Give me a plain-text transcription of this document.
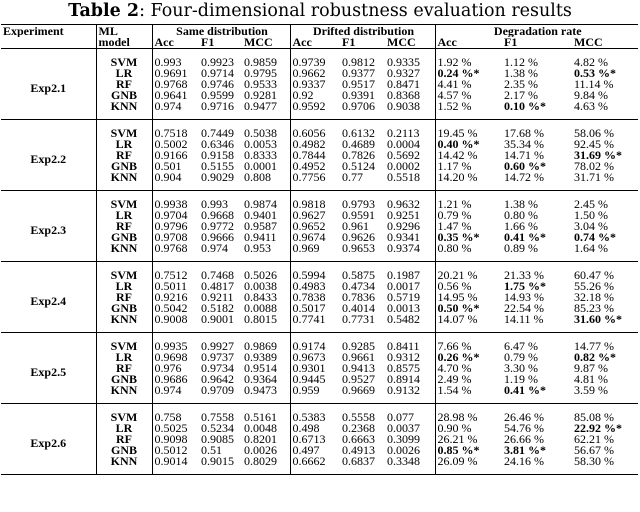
Table 2: Four-dimensional robustness evaluation results
Experiment	ML	Same distribution			Drifted distribution			Degradation rate		
	model	Acc	F1	MCC	Acc	F1	MCC	Acc	F1	MCC
Exp2.1	SVM	0.993	0.9923	0.9859	0.9739	0.9812	0.9335	1.92 %	1.12 %	4.82 %
	LR	0.9691	0.9714	0.9795	0.9662	0.9377	0.9327	0.24 %*	1.38 %	0.53 %*
	RF	0.9768	0.9746	0.9533	0.9337	0.9517	0.8471	4.41 %	2.35 %	11.14 %
	GNB	0.9641	0.9599	0.9281	0.92	0.9391	0.8368	4.57 %	2.17 %	9.84 %
	KNN	0.974	0.9716	0.9477	0.9592	0.9706	0.9038	1.52 %	0.10 %*	4.63 %
Exp2.2	SVM	0.7518	0.7449	0.5038	0.6056	0.6132	0.2113	19.45 %	17.68 %	58.06 %
	LR	0.5002	0.6346	0.0053	0.4982	0.4689	0.0004	0.40 %*	35.34 %	92.45 %
	RF	0.9166	0.9158	0.8333	0.7844	0.7826	0.5692	14.42 %	14.71 %	31.69 %*
	GNB	0.501	0.5155	0.0001	0.4952	0.5124	0.0002	1.17 %	0.60 %*	78.02 %
	KNN	0.904	0.9029	0.808	0.7756	0.77	0.5518	14.20 %	14.72 %	31.71 %
Exp2.3	SVM	0.9938	0.993	0.9874	0.9818	0.9793	0.9632	1.21 %	1.38 %	2.45 %
	LR	0.9704	0.9668	0.9401	0.9627	0.9591	0.9251	0.79 %	0.80 %	1.50 %
	RF	0.9796	0.9772	0.9587	0.9652	0.961	0.9296	1.47 %	1.66 %	3.04 %
	GNB	0.9708	0.9666	0.9411	0.9674	0.9626	0.9341	0.35 %*	0.41 %*	0.74 %*
	KNN	0.9768	0.974	0.953	0.969	0.9653	0.9374	0.80 %	0.89 %	1.64 %
Exp2.4	SVM	0.7512	0.7468	0.5026	0.5994	0.5875	0.1987	20.21 %	21.33 %	60.47 %
	LR	0.5011	0.4817	0.0038	0.4983	0.4734	0.0017	0.56 %	1.75 %*	55.26 %
	RF	0.9216	0.9211	0.8433	0.7838	0.7836	0.5719	14.95 %	14.93 %	32.18 %
	GNB	0.5042	0.5182	0.0088	0.5017	0.4014	0.0013	0.50 %*	22.54 %	85.23 %
	KNN	0.9008	0.9001	0.8015	0.7741	0.7731	0.5482	14.07 %	14.11 %	31.60 %*
Exp2.5	SVM	0.9935	0.9927	0.9869	0.9174	0.9285	0.8411	7.66 %	6.47 %	14.77 %
	LR	0.9698	0.9737	0.9389	0.9673	0.9661	0.9312	0.26 %*	0.79 %	0.82 %*
	RF	0.976	0.9734	0.9514	0.9301	0.9413	0.8575	4.70 %	3.30 %	9.87 %
	GNB	0.9686	0.9642	0.9364	0.9445	0.9527	0.8914	2.49 %	1.19 %	4.81 %
	KNN	0.974	0.9709	0.9473	0.959	0.9669	0.9132	1.54 %	0.41 %*	3.59 %
Exp2.6	SVM	0.758	0.7558	0.5161	0.5383	0.5558	0.077	28.98 %	26.46 %	85.08 %
	LR	0.5025	0.5234	0.0048	0.498	0.2368	0.0037	0.90 %	54.76 %	22.92 %*
	RF	0.9098	0.9085	0.8201	0.6713	0.6663	0.3099	26.21 %	26.66 %	62.21 %
	GNB	0.5012	0.51	0.0026	0.497	0.4913	0.0026	0.85 %*	3.81 %*	56.67 %
	KNN	0.9014	0.9015	0.8029	0.6662	0.6837	0.3348	26.09 %	24.16 %	58.30 %
